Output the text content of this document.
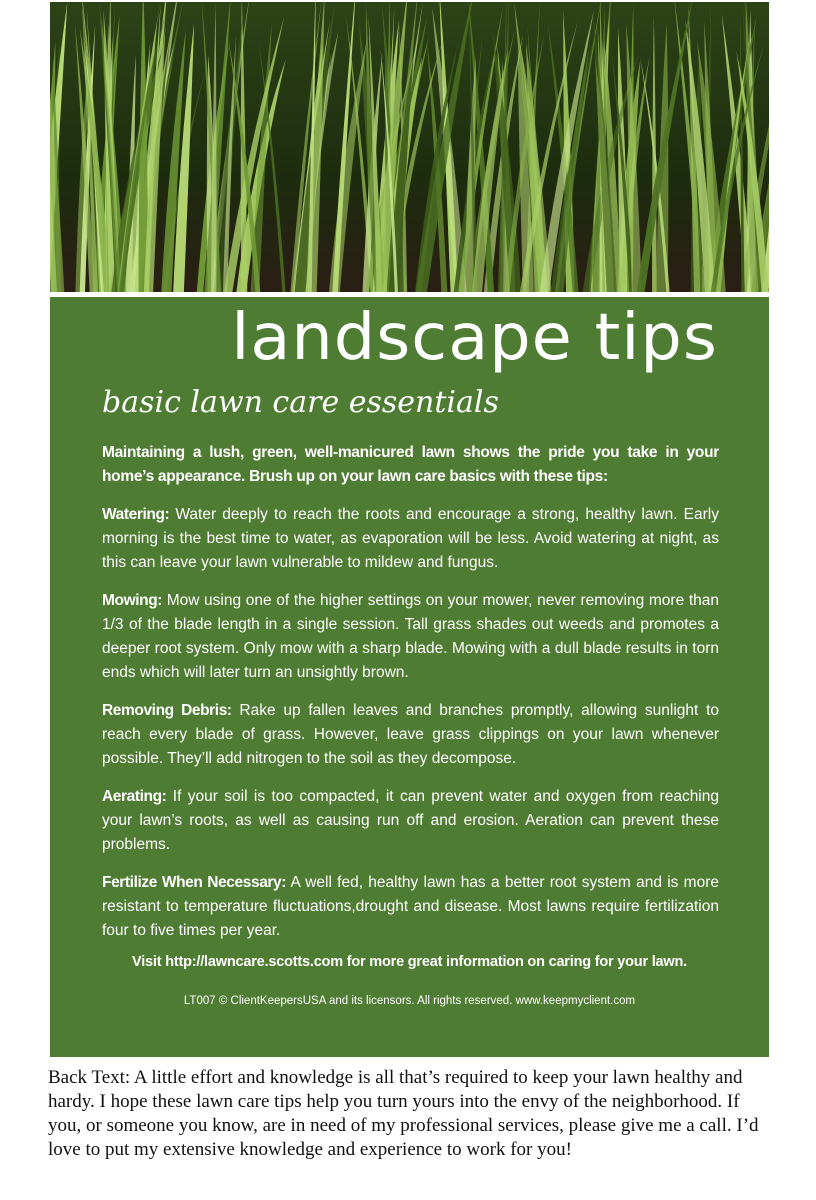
landscape tips
basic lawn care essentials

Maintaining a lush, green, well-manicured lawn shows the pride you take in your home’s appearance. Brush up on your lawn care basics with these tips:

Watering: Water deeply to reach the roots and encourage a strong, healthy lawn. Early morning is the best time to water, as evaporation will be less. Avoid watering at night, as this can leave your lawn vulnerable to mildew and fungus.

Mowing: Mow using one of the higher settings on your mower, never removing more than 1/3 of the blade length in a single session. Tall grass shades out weeds and promotes a deeper root system. Only mow with a sharp blade. Mowing with a dull blade results in torn ends which will later turn an unsightly brown.

Removing Debris: Rake up fallen leaves and branches promptly, allowing sunlight to reach every blade of grass. However, leave grass clippings on your lawn whenever possible. They’ll add nitrogen to the soil as they decompose.

Aerating: If your soil is too compacted, it can prevent water and oxygen from reaching your lawn’s roots, as well as causing run off and erosion. Aeration can prevent these problems.

Fertilize When Necessary: A well fed, healthy lawn has a better root system and is more resistant to temperature fluctuations,drought and disease. Most lawns require fertilization four to five times per year.

Visit http://lawncare.scotts.com for more great information on caring for your lawn.
LT007 © ClientKeepersUSA and its licensors. All rights reserved. www.keepmyclient.com
Back Text: A little effort and knowledge is all that’s required to keep your lawn healthy and hardy. I hope these lawn care tips help you turn yours into the envy of the neighborhood. If you, or someone you know, are in need of my professional services, please give me a call. I’d love to put my extensive knowledge and experience to work for you!
